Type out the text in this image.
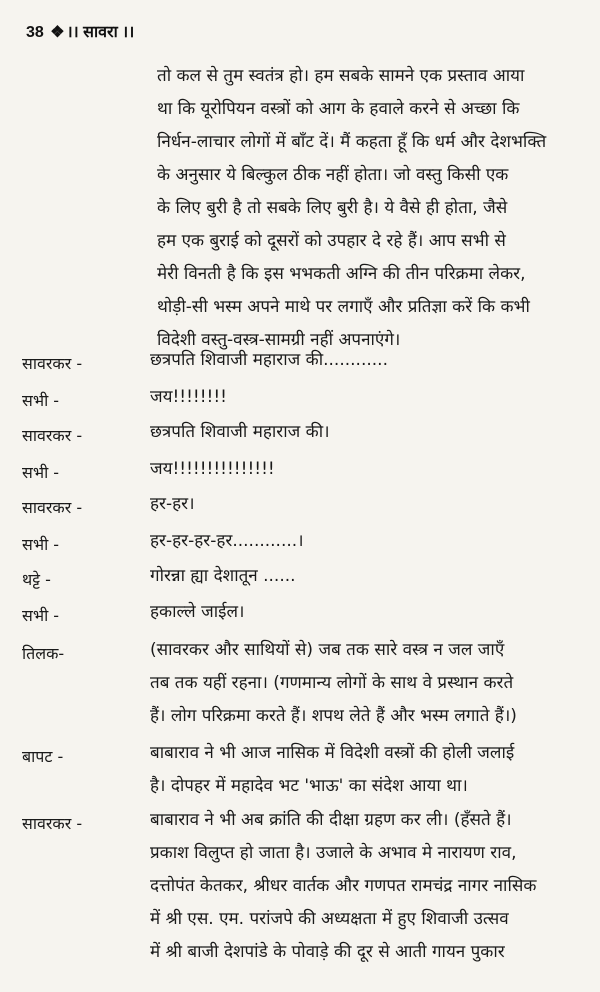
38 ❖ ।। सावरा ।।
तो कल से तुम स्वतंत्र हो। हम सबके सामने एक प्रस्ताव आया
था कि यूरोपियन वस्त्रों को आग के हवाले करने से अच्छा कि
निर्धन-लाचार लोगों में बाँट दें। मैं कहता हूँ कि धर्म और देशभक्ति
के अनुसार ये बिल्कुल ठीक नहीं होता। जो वस्तु किसी एक
के लिए बुरी है तो सबके लिए बुरी है। ये वैसे ही होता, जैसे
हम एक बुराई को दूसरों को उपहार दे रहे हैं। आप सभी से
मेरी विनती है कि इस भभकती अग्नि की तीन परिक्रमा लेकर,
थोड़ी-सी भस्म अपने माथे पर लगाएँ और प्रतिज्ञा करें कि कभी
विदेशी वस्तु-वस्त्र-सामग्री नहीं अपनाएंगे।
सावरकर -	छत्रपति शिवाजी महाराज की............
सभी -	जय!!!!!!!!
सावरकर -	छत्रपति शिवाजी महाराज की।
सभी -	जय!!!!!!!!!!!!!!!
सावरकर -	हर-हर।
सभी -	हर-हर-हर-हर............।
थट्टे -	गोरन्ना ह्या देशातून ......
सभी -	हकाल्ले जाईल।
तिलक-	(सावरकर और साथियों से) जब तक सारे वस्त्र न जल जाएँ
तब तक यहीं रहना। (गणमान्य लोगों के साथ वे प्रस्थान करते
हैं। लोग परिक्रमा करते हैं। शपथ लेते हैं और भस्म लगाते हैं।)
बापट -	बाबाराव ने भी आज नासिक में विदेशी वस्त्रों की होली जलाई
है। दोपहर में महादेव भट 'भाऊ' का संदेश आया था।
सावरकर -	बाबाराव ने भी अब क्रांति की दीक्षा ग्रहण कर ली। (हँसते हैं।
प्रकाश विलुप्त हो जाता है। उजाले के अभाव मे नारायण राव,
दत्तोपंत केतकर, श्रीधर वार्तक और गणपत रामचंद्र नागर नासिक
में श्री एस. एम. परांजपे की अध्यक्षता में हुए शिवाजी उत्सव
में श्री बाजी देशपांडे के पोवाड़े की दूर से आती गायन पुकार
